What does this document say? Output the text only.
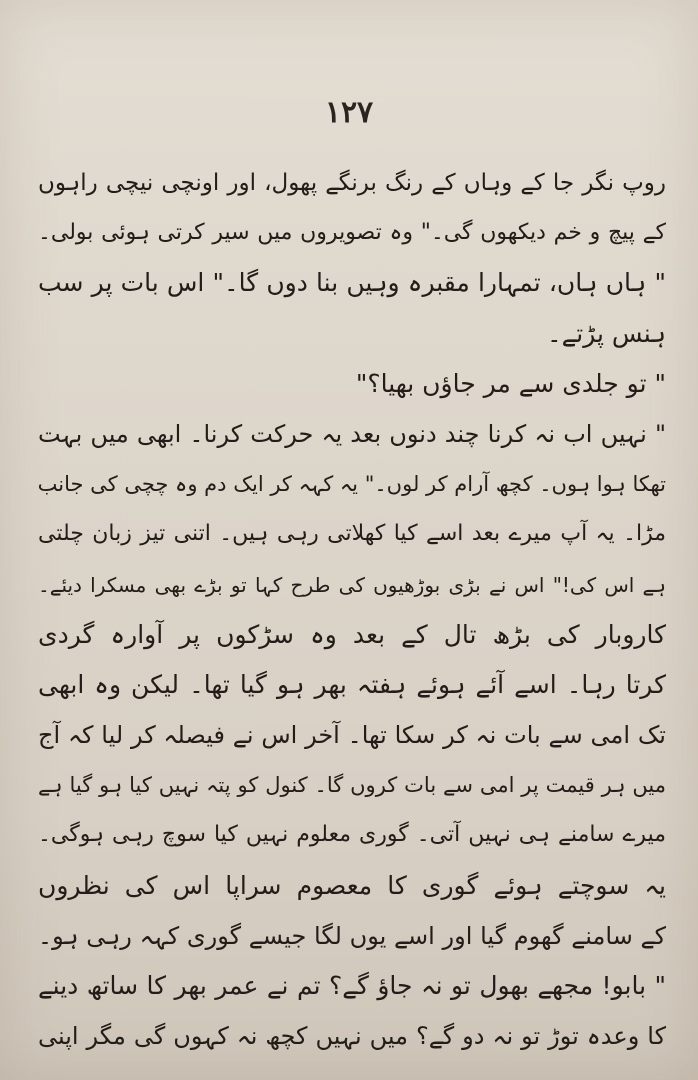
۱۲۷
روپ نگر جا کے وہاں کے رنگ برنگے پھول، اور اونچی نیچی راہوں
کے پیچ و خم دیکھوں گی۔" وہ تصویروں میں سیر کرتی ہوئی بولی۔
" ہاں ہاں، تمہارا مقبرہ وہیں بنا دوں گا۔" اس بات پر سب
ہنس پڑتے۔
" تو جلدی سے مر جاؤں بھیا؟"
" نہیں اب نہ کرنا چند دنوں بعد یہ حرکت کرنا۔ ابھی میں بہت
تھکا ہوا ہوں۔ کچھ آرام کر لوں۔" یہ کہہ کر ایک دم وہ چچی کی جانب
مڑا۔ یہ آپ میرے بعد اسے کیا کھلاتی رہی ہیں۔ اتنی تیز زبان چلتی
ہے اس کی!" اس نے بڑی بوڑھیوں کی طرح کہا تو بڑے بھی مسکرا دیئے۔
کاروبار کی بڑھ تال کے بعد وہ سڑکوں پر آوارہ گردی
کرتا رہا۔ اسے آئے ہوئے ہفتہ بھر ہو گیا تھا۔ لیکن وہ ابھی
تک امی سے بات نہ کر سکا تھا۔ آخر اس نے فیصلہ کر لیا کہ آج
میں ہر قیمت پر امی سے بات کروں گا۔ کنول کو پتہ نہیں کیا ہو گیا ہے
میرے سامنے ہی نہیں آتی۔ گوری معلوم نہیں کیا سوچ رہی ہوگی۔
یہ سوچتے ہوئے گوری کا معصوم سراپا اس کی نظروں
کے سامنے گھوم گیا اور اسے یوں لگا جیسے گوری کہہ رہی ہو۔
" بابو! مجھے بھول تو نہ جاؤ گے؟ تم نے عمر بھر کا ساتھ دینے
کا وعدہ توڑ تو نہ دو گے؟ میں نہیں کچھ نہ کہوں گی مگر اپنی
